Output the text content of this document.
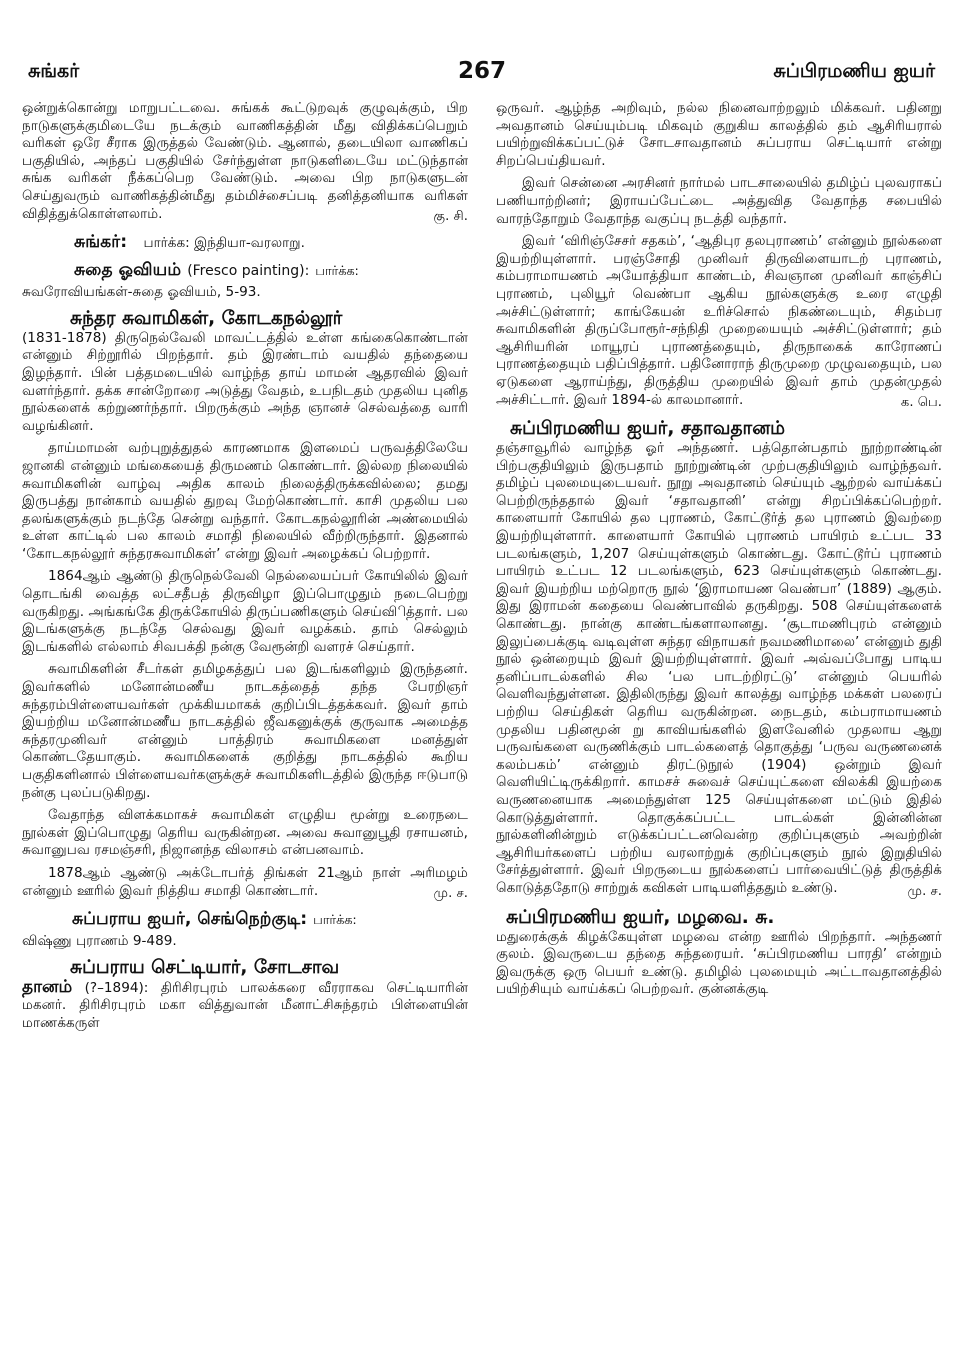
சுங்கர்	267	சுப்பிரமணிய ஐயர்

ஒன்றுக்கொன்று மாறுபட்டவை. சுங்கக் கூட்டுறவுக் குழுவுக்கும், பிற நாடுகளுக்குமிடையே நடக்கும் வாணிகத்தின் மீது விதிக்கப்பெறும் வரிகள் ஒரே சீராக இருத்தல் வேண்டும். ஆனால், தடையிலா வாணிகப் பகுதியில், அந்தப் பகுதியில் சேர்ந்துள்ள நாடுகளிடையே மட்டுந்தான் சுங்க வரிகள் நீக்கப்பெற வேண்டும். அவை பிற நாடுகளுடன் செய்துவரும் வாணிகத்தின்மீது தம்மிச்சைப்படி தனித்தனியாக வரிகள் விதித்துக்கொள்ளலாம்.	கு. சி.
சுங்கர்: பார்க்க: இந்தியா-வரலாறு.
சுதை ஓவியம் (Fresco painting): பார்க்க:
சுவரோவியங்கள்-சுதை ஓவியம், 5-93.
சுந்தர சுவாமிகள், கோடகநல்லூர்

(1831-1878) திருநெல்வேலி மாவட்டத்தில் உள்ள கங்கைகொண்டான் என்னும் சிற்றூரில் பிறந்தார். தம் இரண்டாம் வயதில் தந்தையை இழந்தார். பின் பத்தமடையில் வாழ்ந்த தாய் மாமன் ஆதரவில் இவர் வளர்ந்தார். தக்க சான்றோரை அடுத்து வேதம், உபநிடதம் முதலிய புனித நூல்களைக் கற்றுணர்ந்தார். பிறருக்கும் அந்த ஞானச் செல்வத்தை வாரி வழங்கினர்.

தாய்மாமன் வற்புறுத்துதல் காரணமாக இளமைப் பருவத்திலேயே ஜானகி என்னும் மங்கையைத் திருமணம் கொண்டார். இல்லற நிலையில் சுவாமிகளின் வாழ்வு அதிக காலம் நிலைத்திருக்கவில்லை; தமது இருபத்து நான்காம் வயதில் துறவு மேற்கொண்டார். காசி முதலிய பல தலங்களுக்கும் நடந்தே சென்று வந்தார். கோடகநல்லூரின் அண்மையில் உள்ள காட்டில் பல காலம் சமாதி நிலையில் வீற்றிருந்தார். இதனால் ‘கோடகநல்லூர் சுந்தரசுவாமிகள்’ என்று இவர் அழைக்கப் பெற்றார்.

1864ஆம் ஆண்டு திருநெல்வேலி நெல்லையப்பர் கோயிலில் இவர் தொடங்கி வைத்த லட்சதீபத் திருவிழா இப்பொழுதும் நடைபெற்று வருகிறது. அங்கங்கே திருக்கோயில் திருப்பணிகளும் செய்விித்தார். பல இடங்களுக்கு நடந்தே செல்வது இவர் வழக்கம். தாம் செல்லும் இடங்களில் எல்லாம் சிவபக்தி நன்கு வேரூன்றி வளரச் செய்தார்.

சுவாமிகளின் சீடர்கள் தமிழகத்துப் பல இடங்களிலும் இருந்தனர். இவர்களில் மனோன்மணீய நாடகத்தைத் தந்த பேரறிஞர் சுந்தரம்பிள்ளையவர்கள் முக்கியமாகக் குறிப்பிடத்தக்கவர். இவர் தாம் இயற்றிய மனோன்மணீய நாடகத்தில் ஜீவகனுக்குக் குருவாக அமைத்த சுந்தரமுனிவர் என்னும் பாத்திரம் சுவாமிகளை மனத்துள் கொண்டதேயாகும். சுவாமிகளைக் குறித்து நாடகத்தில் கூறிய பகுதிகளினால் பிள்ளையவர்களுக்குச் சுவாமிகளிடத்தில் இருந்த ஈடுபாடு நன்கு புலப்படுகிறது.

வேதாந்த விளக்கமாகச் சுவாமிகள் எழுதிய மூன்று உரைநடை நூல்கள் இப்பொழுது தெரிய வருகின்றன. அவை சுவானுபூதி ரசாயனம், சுவானுபவ ரசமஞ்சரி, நிஜானந்த விலாசம் என்பனவாம்.

1878ஆம் ஆண்டு அக்டோபர்த் திங்கள் 21ஆம் நாள் அரிமழம் என்னும் ஊரில் இவர் நித்திய சமாதி கொண்டார்.	மு. ச.
சுப்பராய ஐயர், செங்நெற்குடி: பார்க்க:
விஷ்ணு புராணம் 9-489.
சுப்பராய செட்டியார், சோடசாவ

தானம் (?–1894): திரிசிரபுரம் பாலக்கரை வீரராகவ செட்டியாரின் மகனர். திரிசிரபுரம் மகா வித்துவான் மீனாட்சிசுந்தரம் பிள்ளையின் மாணக்கருள்

ஒருவர். ஆழ்ந்த அறிவும், நல்ல நினைவாற்றலும் மிக்கவர். பதினறு அவதானம் செய்யும்படி மிகவும் குறுகிய காலத்தில் தம் ஆசிரியரால் பயிற்றுவிக்கப்பட்டுச் சோடசாவதானம் சுப்பராய செட்டியார் என்று சிறப்பெய்தியவர்.

இவர் சென்னை அரசினர் நார்மல் பாடசாலையில் தமிழ்ப் புலவராகப் பணியாற்றினர்; இராயப்பேட்டை அத்துவித வேதாந்த சபையில் வாரந்தோறும் வேதாந்த வகுப்பு நடத்தி வந்தார்.

இவர் ‘விரிஞ்சேசர் சதகம்’, ‘ஆதிபுர தலபுராணம்’ என்னும் நூல்களை இயற்றியுள்ளார். பரஞ்சோதி முனிவர் திருவிளையாடற் புராணம், கம்பராமாயணம் அயோத்தியா காண்டம், சிவஞான முனிவர் காஞ்சிப் புராணம், புலியூர் வெண்பா ஆகிய நூல்களுக்கு உரை எழுதி அச்சிட்டுள்ளார்; காங்கேயன் உரிச்சொல் நிகண்டையும், சிதம்பர சுவாமிகளின் திருப்போரூர்-சந்நிதி முறையையும் அச்சிட்டுள்ளார்; தம் ஆசிரியரின் மாயூரப் புராணத்தையும், திருநாகைக் காரோணப் புராணத்தையும் பதிப்பித்தார். பதினோராந் திருமுறை முழுவதையும், பல ஏடுகளை ஆராய்ந்து, திருத்திய முறையில் இவர் தாம் முதன்முதல் அச்சிட்டார். இவர் 1894-ல் காலமானார்.	க. பெ.
சுப்பிரமணிய ஐயர், சதாவதானம்

தஞ்சாவூரில் வாழ்ந்த ஓர் அந்தணர். பத்தொன்பதாம் நூற்றாண்டின் பிற்பகுதியிலும் இருபதாம் நூற்றுண்டின் முற்பகுதியிலும் வாழ்ந்தவர். தமிழ்ப் புலமையுடையவர். நூறு அவதானம் செய்யும் ஆற்றல் வாய்க்கப் பெற்றிருந்ததால் இவர் ‘சதாவதானி’ என்று சிறப்பிக்கப்பெற்றர். காளையார் கோயில் தல புராணம், கோட்டூர்த் தல புராணம் இவற்றை இயற்றியுள்ளார். காளையார் கோயில் புராணம் பாயிரம் உட்பட 33 படலங்களும், 1,207 செய்யுள்களும் கொண்டது. கோட்டூர்ப் புராணம் பாயிரம் உட்பட 12 படலங்களும், 623 செய்யுள்களும் கொண்டது. இவர் இயற்றிய மற்றொரு நூல் ‘இராமாயண வெண்பா’ (1889) ஆகும். இது இராமன் கதையை வெண்பாவில் தருகிறது. 508 செய்யுள்களைக் கொண்டது. நான்கு காண்டங்களாலானது. ‘சூடாமணிபுரம் என்னும் இலுப்பைக்குடி வடிவுள்ள சுந்தர விநாயகர் நவமணிமாலை’ என்னும் துதி நூல் ஒன்றையும் இவர் இயற்றியுள்ளார். இவர் அவ்வப்போது பாடிய தனிப்பாடல்களில் சில ‘பல பாடற்றிரட்டு’ என்னும் பெயரில் வெளிவந்துள்ளன. இதிலிருந்து இவர் காலத்து வாழ்ந்த மக்கள் பலரைப் பற்றிய செய்திகள் தெரிய வருகின்றன. நைடதம், கம்பராமாயணம் முதலிய பதினமூன் று காவியங்களில் இளவேனில் முதலாய ஆறு பருவங்களை வருணிக்கும் பாடல்களைத் தொகுத்து ‘பருவ வருணனைக் கலம்பகம்’ என்னும் திரட்டுநூல் (1904) ஒன்றும் இவர் வெளியிட்டிருக்கிறார். காமசச் சுவைச் செய்யுட்களை விலக்கி இயற்கை வருணனையாக அமைந்துள்ள 125 செய்யுள்களை மட்டும் இதில் கொடுத்துள்ளார். தொகுக்கப்பட்ட பாடல்கள் இன்னின்ன நூல்களினின்றும் எடுக்கப்பட்டனவென்ற குறிப்புகளும் அவற்றின் ஆசிரியர்களைப் பற்றிய வரலாற்றுக் குறிப்புகளும் நூல் இறுதியில் சேர்த்துள்ளார். இவர் பிறருடைய நூல்களைப் பார்வையிட்டுத் திருத்திக் கொடுத்ததோடு சாற்றுக் கவிகள் பாடியளித்ததும் உண்டு.	மு. ச.
சுப்பிரமணிய ஐயர், மழவை. சு.

மதுரைக்குக் கிழக்கேயுள்ள மழவை என்ற ஊரில் பிறந்தார். அந்தணர் குலம். இவருடைய தந்தை சுந்தரையர். ‘சுப்பிரமணிய பாரதி’ என்றும் இவருக்கு ஒரு பெயர் உண்டு. தமிழில் புலமையும் அட்டாவதானத்தில் பயிற்சியும் வாய்க்கப் பெற்றவர். குன்னக்குடி
